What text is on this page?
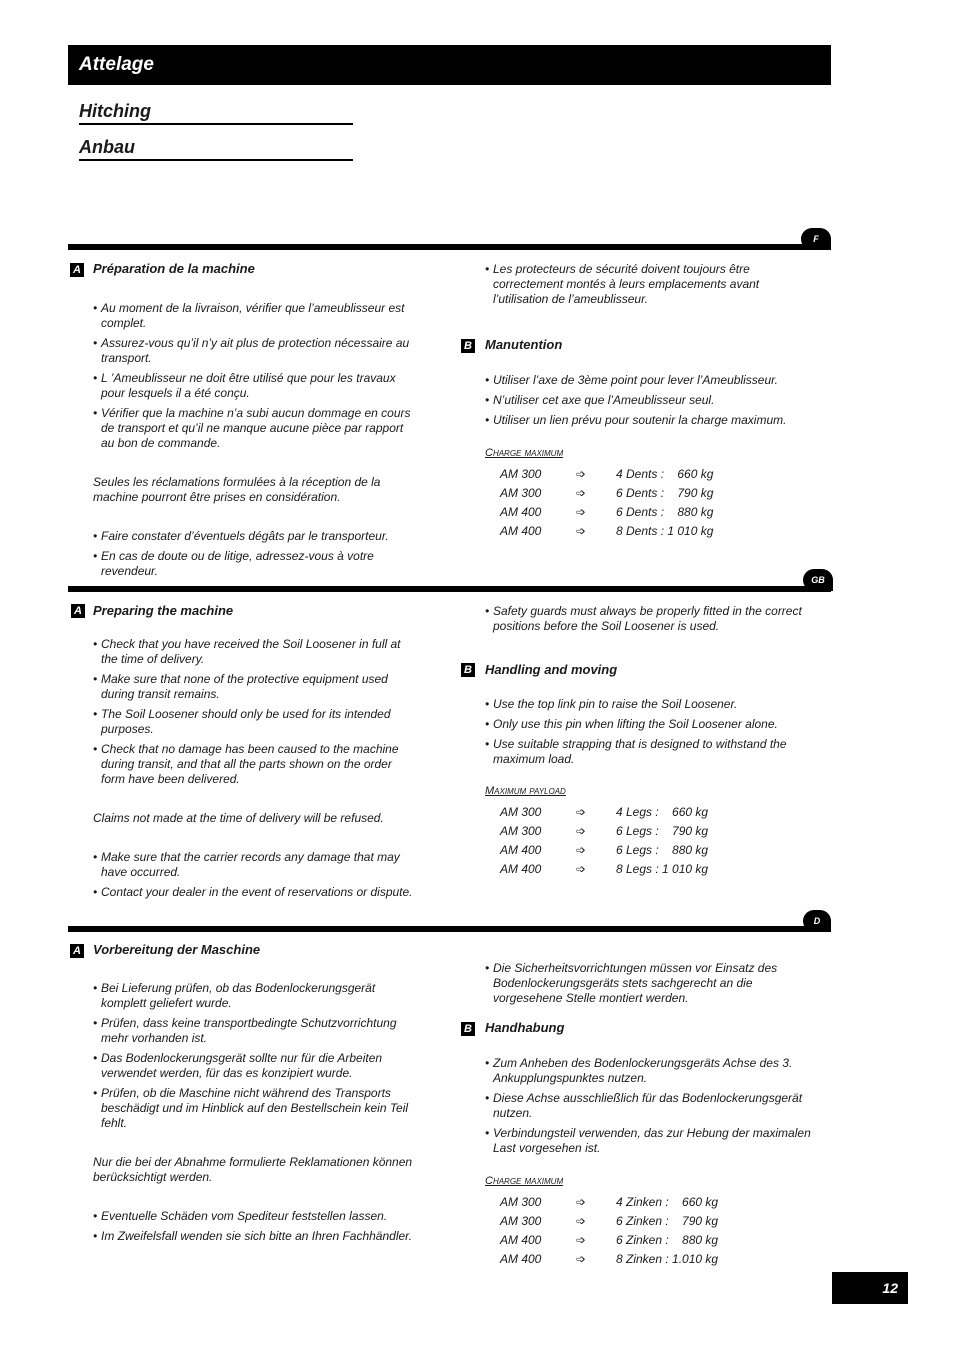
Attelage
Hitching
Anbau
F
A Préparation de la machine

• Au moment de la livraison, vérifier que l’ameublisseur est complet.
• Assurez-vous qu’il n’y ait plus de protection nécessaire au transport.
• L ’Ameublisseur ne doit être utilisé que pour les travaux pour lesquels il a été conçu.
• Vérifier que la machine n’a subi aucun dommage en cours de transport et qu’il ne manque aucune pièce par rapport au bon de commande.

Seules les réclamations formulées à la réception de la machine pourront être prises en considération.

• Faire constater d’éventuels dégâts par le transporteur.
• En cas de doute ou de litige, adressez-vous à votre revendeur.
• Les protecteurs de sécurité doivent toujours être correctement montés à leurs emplacements avant l’utilisation de l’ameublisseur.
B Manutention

• Utiliser l’axe de 3ème point pour lever l’Ameublisseur.
• N’utiliser cet axe que l’Ameublisseur seul.
• Utiliser un lien prévu pour soutenir la charge maximum.

Charge maximum

AM 300	➩	4 Dents :    660 kg
AM 300	➩	6 Dents :    790 kg
AM 400	➩	6 Dents :    880 kg
AM 400	➩	8 Dents : 1 010 kg
GB
A Preparing the machine

• Check that you have received the Soil Loosener in full at the time of delivery.
• Make sure that none of the protective equipment used during transit remains.
• The Soil Loosener should only be used for its intended purposes.
• Check that no damage has been caused to the machine during transit, and that all the parts shown on the order form have been delivered.

Claims not made at the time of delivery will be refused.

• Make sure that the carrier records any damage that may have occurred.
• Contact your dealer in the event of reservations or dispute.
• Safety guards must always be properly fitted in the correct positions before the Soil Loosener is used.
B Handling and moving

• Use the top link pin to raise the Soil Loosener.
• Only use this pin when lifting the Soil Loosener alone.
• Use suitable strapping that is designed to withstand the maximum load.

Maximum payload

AM 300	➩	4 Legs :    660 kg
AM 300	➩	6 Legs :    790 kg
AM 400	➩	6 Legs :    880 kg
AM 400	➩	8 Legs : 1 010 kg
D
A Vorbereitung der Maschine

• Bei Lieferung prüfen, ob das Bodenlockerungsgerät komplett geliefert wurde.
• Prüfen, dass keine transportbedingte Schutzvorrichtung mehr vorhanden ist.
• Das Bodenlockerungsgerät sollte nur für die Arbeiten verwendet werden, für das es konzipiert wurde.
• Prüfen, ob die Maschine nicht während des Transports beschädigt und im Hinblick auf den Bestellschein kein Teil fehlt.

Nur die bei der Abnahme formulierte Reklamationen können berücksichtigt werden.

• Eventuelle Schäden vom Spediteur feststellen lassen.
• Im Zweifelsfall wenden sie sich bitte an Ihren Fachhändler.
• Die Sicherheitsvorrichtungen müssen vor Einsatz des Bodenlockerungsgeräts stets sachgerecht an die vorgesehene Stelle montiert werden.
B Handhabung

• Zum Anheben des Bodenlockerungsgeräts Achse des 3. Ankupplungspunktes nutzen.
• Diese Achse ausschließlich für das Bodenlockerungsgerät nutzen.
• Verbindungsteil verwenden, das zur Hebung der maximalen Last vorgesehen ist.

Charge maximum

AM 300	➩	4 Zinken :    660 kg
AM 300	➩	6 Zinken :    790 kg
AM 400	➩	6 Zinken :    880 kg
AM 400	➩	8 Zinken : 1.010 kg
12
